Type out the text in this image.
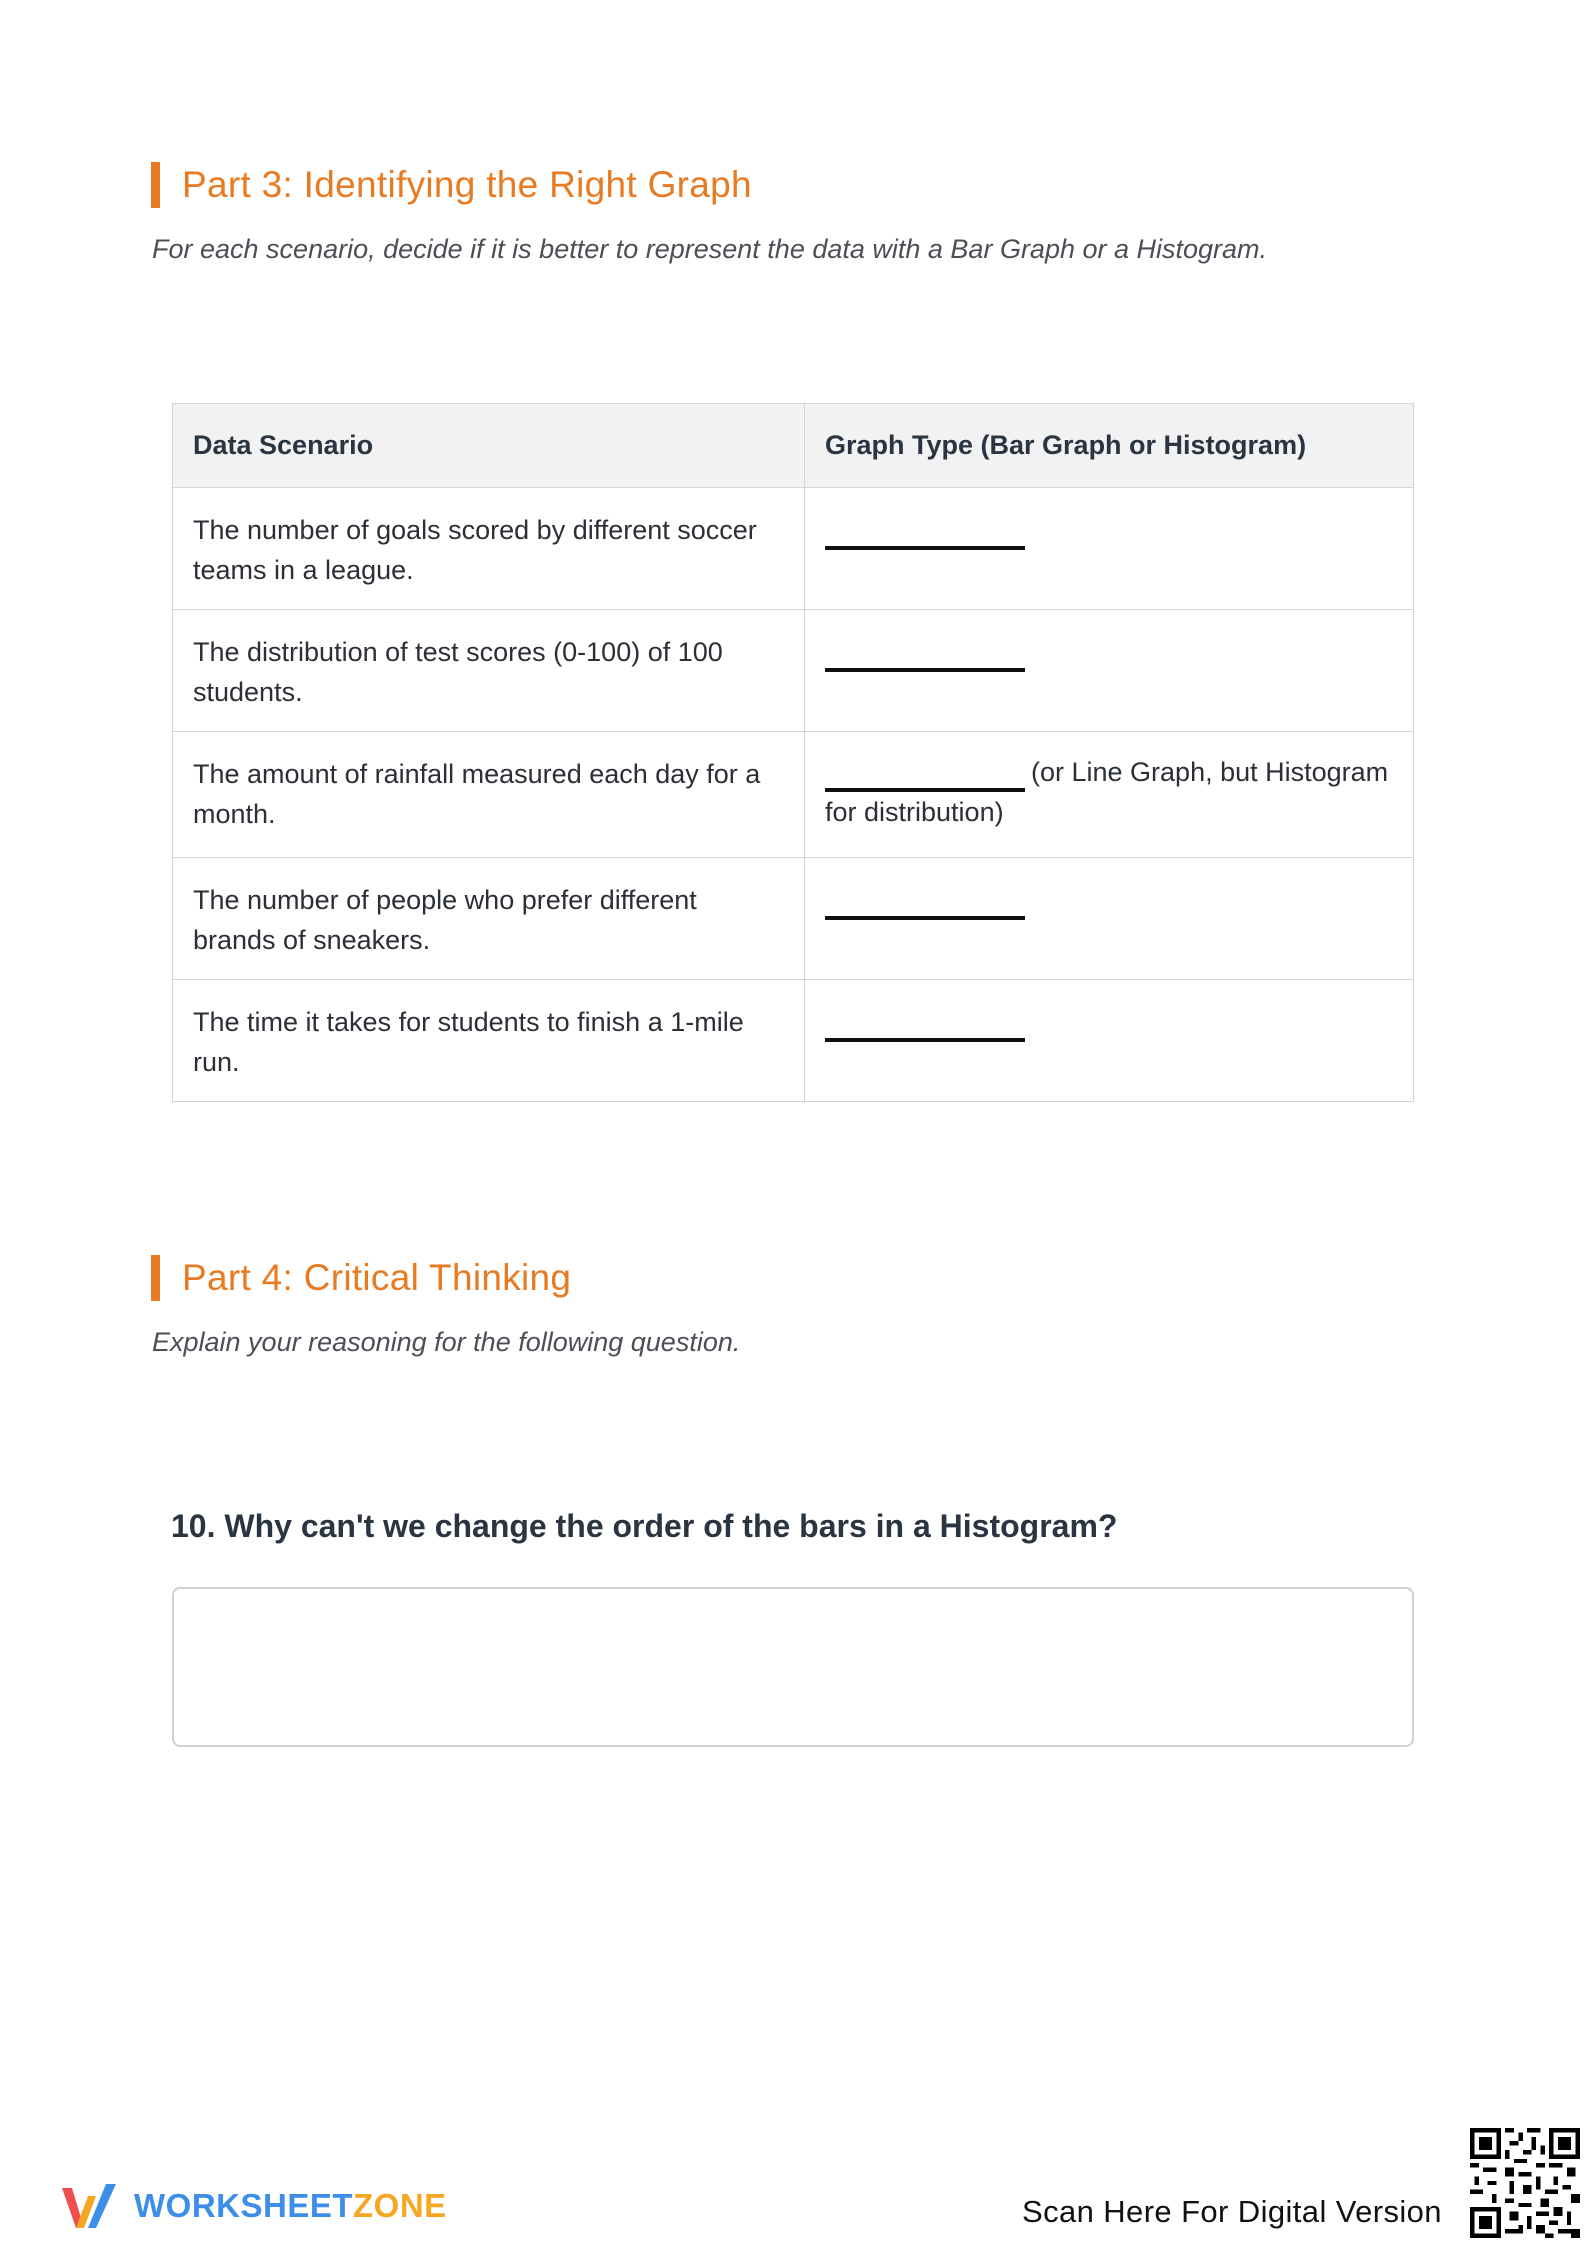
Part 3: Identifying the Right Graph

For each scenario, decide if it is better to represent the data with a Bar Graph or a Histogram.

Data Scenario	Graph Type (Bar Graph or Histogram)
The number of goals scored by different soccer teams in a league.	
The distribution of test scores (0-100) of 100 students.	
The amount of rainfall measured each day for a month.	(or Line Graph, but Histogram for distribution)
The number of people who prefer different brands of sneakers.	
The time it takes for students to finish a 1-mile run.	
Part 4: Critical Thinking

Explain your reasoning for the following question.

10. Why can't we change the order of the bars in a Histogram?
WORKSHEETZONE	Scan Here For Digital Version
